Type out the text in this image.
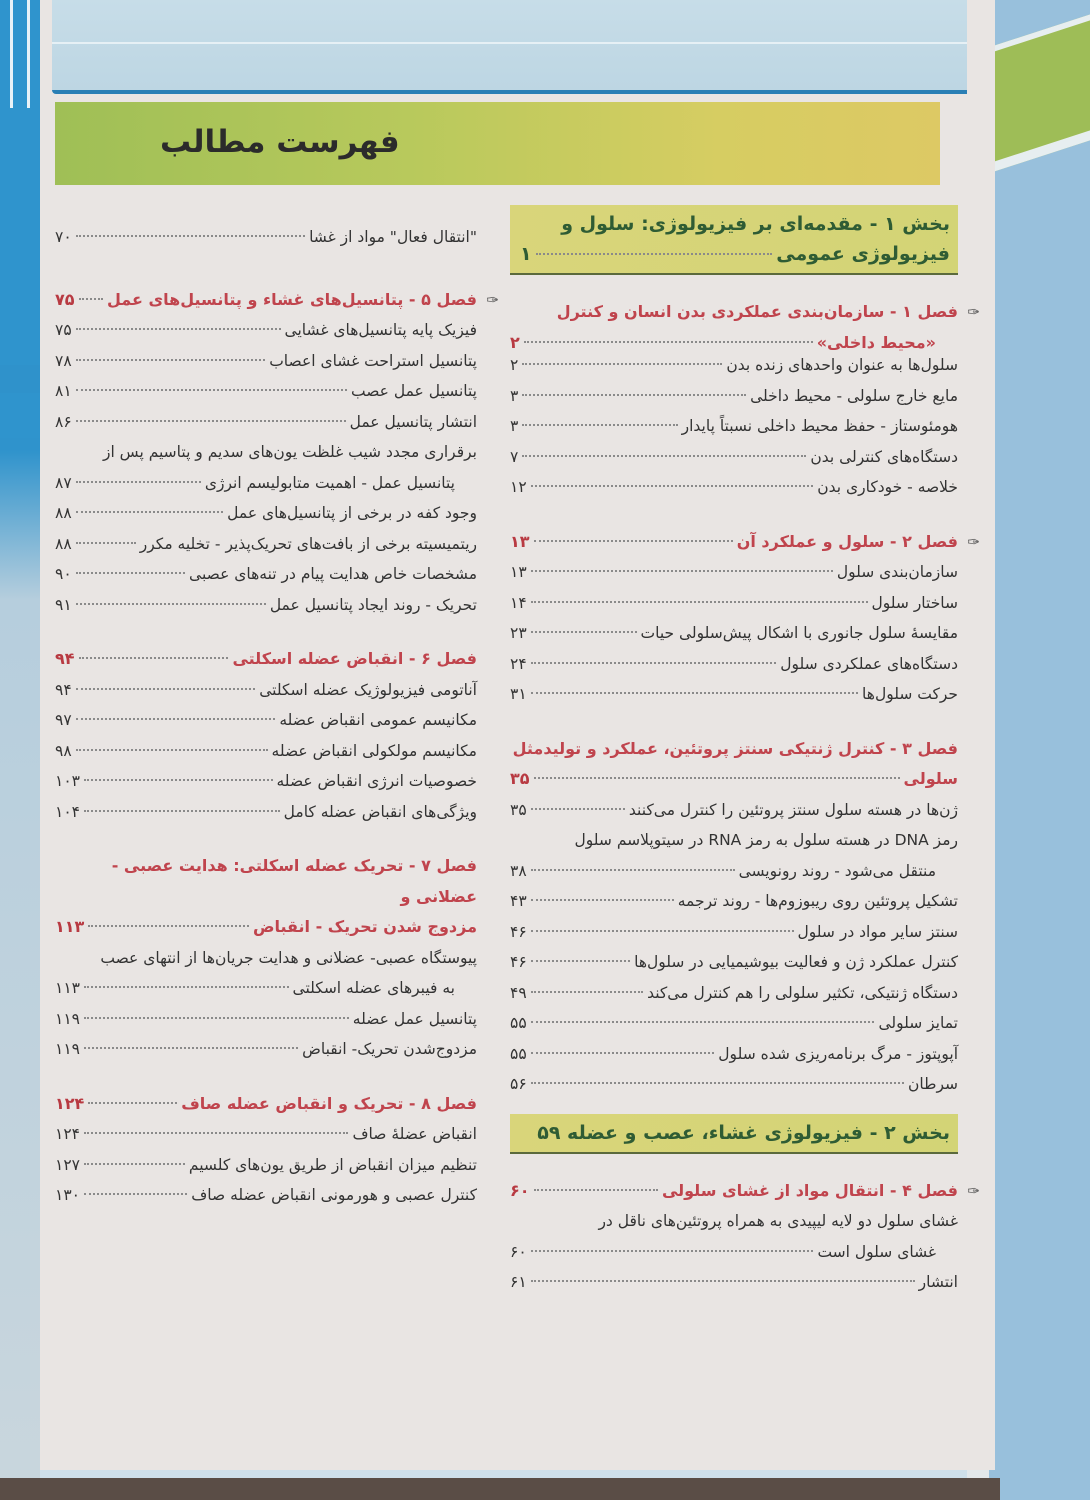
فهرست مطالب
بخش ۱ - مقدمه‌ای بر فیزیولوژی: سلول و
فیزیولوژی عمومی
۱
✑
فصل ۱ - سازمان‌بندی عملکردی بدن انسان و کنترل
«محیط داخلی»
۲
سلول‌ها به عنوان واحدهای زنده بدن
۲
مایع خارج سلولی - محیط داخلی
۳
هومئوستاز - حفظ محیط داخلی نسبتاً پایدار
۳
دستگاه‌های کنترلی بدن
۷
خلاصه - خودکاری بدن
۱۲
✑
فصل ۲ - سلول و عملکرد آن
۱۳
سازمان‌بندی سلول
۱۳
ساختار سلول
۱۴
مقایسهٔ سلول جانوری با اشکال پیش‌سلولی حیات
۲۳
دستگاه‌های عملکردی سلول
۲۴
حرکت سلول‌ها
۳۱
فصل ۳ - کنترل ژنتیکی سنتز پروتئین، عملکرد و تولیدمثل
سلولی
۳۵
ژن‌ها در هسته سلول سنتز پروتئین را کنترل می‌کنند
۳۵
رمز DNA در هسته سلول به رمز RNA در سیتوپلاسم سلول
منتقل می‌شود - روند رونویسی
۳۸
تشکیل پروتئین روی ریبوزوم‌ها - روند ترجمه
۴۳
سنتز سایر مواد در سلول
۴۶
کنترل عملکرد ژن و فعالیت بیوشیمیایی در سلول‌ها
۴۶
دستگاه ژنتیکی، تکثیر سلولی را هم کنترل می‌کند
۴۹
تمایز سلولی
۵۵
آپوپتوز - مرگ برنامه‌ریزی شده سلول
۵۵
سرطان
۵۶
بخش ۲ - فیزیولوژی غشاء، عصب و عضله

۵۹
✑
فصل ۴ - انتقال مواد از غشای سلولی
۶۰
غشای سلول دو لایه لیپیدی به همراه پروتئین‌های ناقل در
غشای سلول است
۶۰
انتشار
۶۱
"انتقال فعال" مواد از غشا
۷۰
✑
فصل ۵ - پتانسیل‌های غشاء و پتانسیل‌های عمل
۷۵
فیزیک پایه پتانسیل‌های غشایی
۷۵
پتانسیل استراحت غشای اعصاب
۷۸
پتانسیل عمل عصب
۸۱
انتشار پتانسیل عمل
۸۶
برقراری مجدد شیب غلظت یون‌های سدیم و پتاسیم پس از
پتانسیل عمل - اهمیت متابولیسم انرژی
۸۷
وجود کفه در برخی از پتانسیل‌های عمل
۸۸
ریتمیسیته برخی از بافت‌های تحریک‌پذیر - تخلیه مکرر
۸۸
مشخصات خاص هدایت پیام در تنه‌های عصبی
۹۰
تحریک - روند ایجاد پتانسیل عمل
۹۱
فصل ۶ - انقباض عضله اسکلتی
۹۴
آناتومی فیزیولوژیک عضله اسکلتی
۹۴
مکانیسم عمومی انقباض عضله
۹۷
مکانیسم مولکولی انقباض عضله
۹۸
خصوصیات انرژی انقباض عضله
۱۰۳
ویژگی‌های انقباض عضله کامل
۱۰۴
فصل ۷ - تحریک عضله اسکلتی: هدایت عصبی - عضلانی و
مزدوج شدن تحریک - انقباض
۱۱۳
پیوستگاه عصبی- عضلانی و هدایت جریان‌ها از انتهای عصب
به فیبرهای عضله اسکلتی
۱۱۳
پتانسیل عمل عضله
۱۱۹
مزدوج‌شدن تحریک- انقباض
۱۱۹
فصل ۸ - تحریک و انقباض عضله صاف
۱۲۴
انقباض عضلهٔ صاف
۱۲۴
تنظیم میزان انقباض از طریق یون‌های کلسیم
۱۲۷
کنترل عصبی و هورمونی انقباض عضله صاف
۱۳۰
